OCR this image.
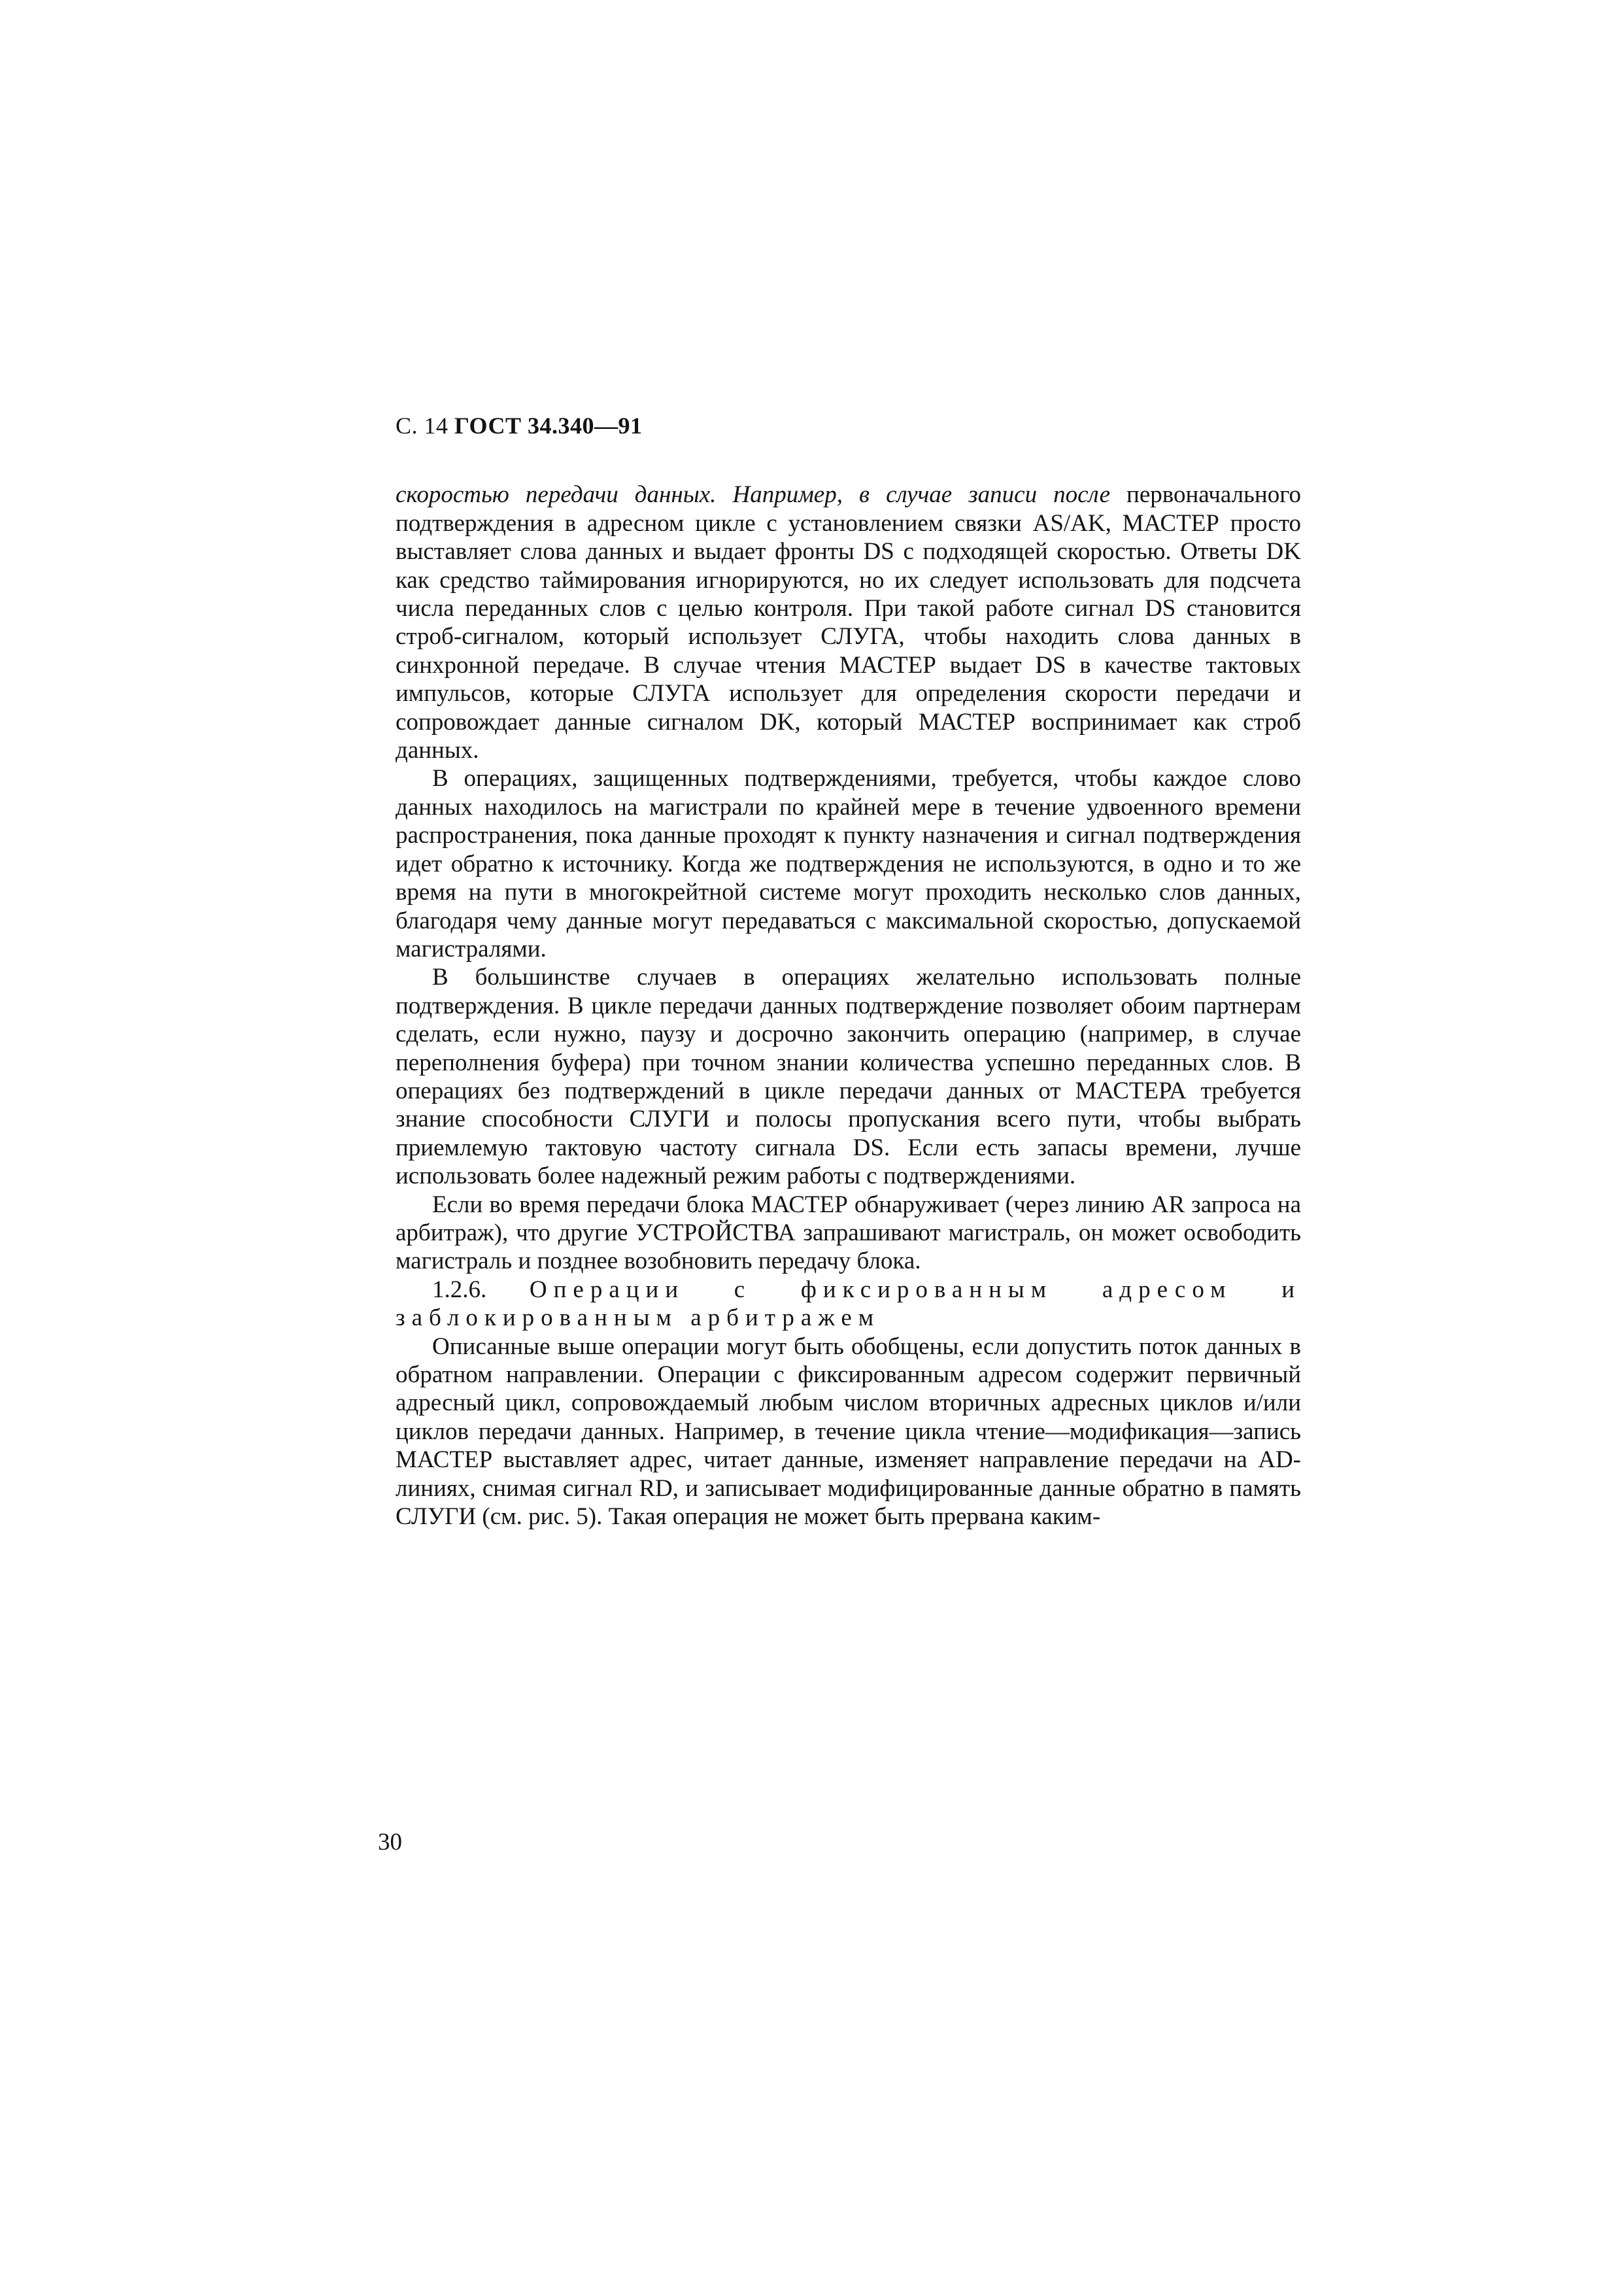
С. 14 ГОСТ 34.340—91

скоростью передачи данных. Например, в случае записи после первоначального подтверждения в адресном цикле с установлением связки AS/AK, МАСТЕР просто выставляет слова данных и выдает фронты DS с подходящей скоростью. Ответы DK как средство таймирования игнорируются, но их следует использовать для подсчета числа переданных слов с целью контроля. При такой работе сигнал DS становится строб-сигналом, который использует СЛУГА, чтобы находить слова данных в синхронной передаче. В случае чтения МАСТЕР выдает DS в качестве тактовых импульсов, которые СЛУГА использует для определения скорости передачи и сопровождает данные сигналом DK, который МАСТЕР воспринимает как строб данных.

В операциях, защищенных подтверждениями, требуется, чтобы каждое слово данных находилось на магистрали по крайней мере в течение удвоенного времени распространения, пока данные проходят к пункту назначения и сигнал подтверждения идет обратно к источнику. Когда же подтверждения не используются, в одно и то же время на пути в многокрейтной системе могут проходить несколько слов данных, благодаря чему данные могут передаваться с максимальной скоростью, допускаемой магистралями.

В большинстве случаев в операциях желательно использовать полные подтверждения. В цикле передачи данных подтверждение позволяет обоим партнерам сделать, если нужно, паузу и досрочно закончить операцию (например, в случае переполнения буфера) при точном знании количества успешно переданных слов. В операциях без подтверждений в цикле передачи данных от МАСТЕРА требуется знание способности СЛУГИ и полосы пропускания всего пути, чтобы выбрать приемлемую тактовую частоту сигнала DS. Если есть запасы времени, лучше использовать более надежный режим работы с подтверждениями.

Если во время передачи блока МАСТЕР обнаруживает (через линию AR запроса на арбитраж), что другие УСТРОЙСТВА запрашивают магистраль, он может освободить магистраль и позднее возобновить передачу блока.

1.2.6. Операции с фиксированным адресом и заблокированным арбитражем

Описанные выше операции могут быть обобщены, если допустить поток данных в обратном направлении. Операции с фиксированным адресом содержит первичный адресный цикл, сопровождаемый любым числом вторичных адресных циклов и/или циклов передачи данных. Например, в течение цикла чтение—модификация—запись МАСТЕР выставляет адрес, читает данные, изменяет направление передачи на AD-линиях, снимая сигнал RD, и записывает модифицированные данные обратно в память СЛУГИ (см. рис. 5). Такая операция не может быть прервана каким-

30
